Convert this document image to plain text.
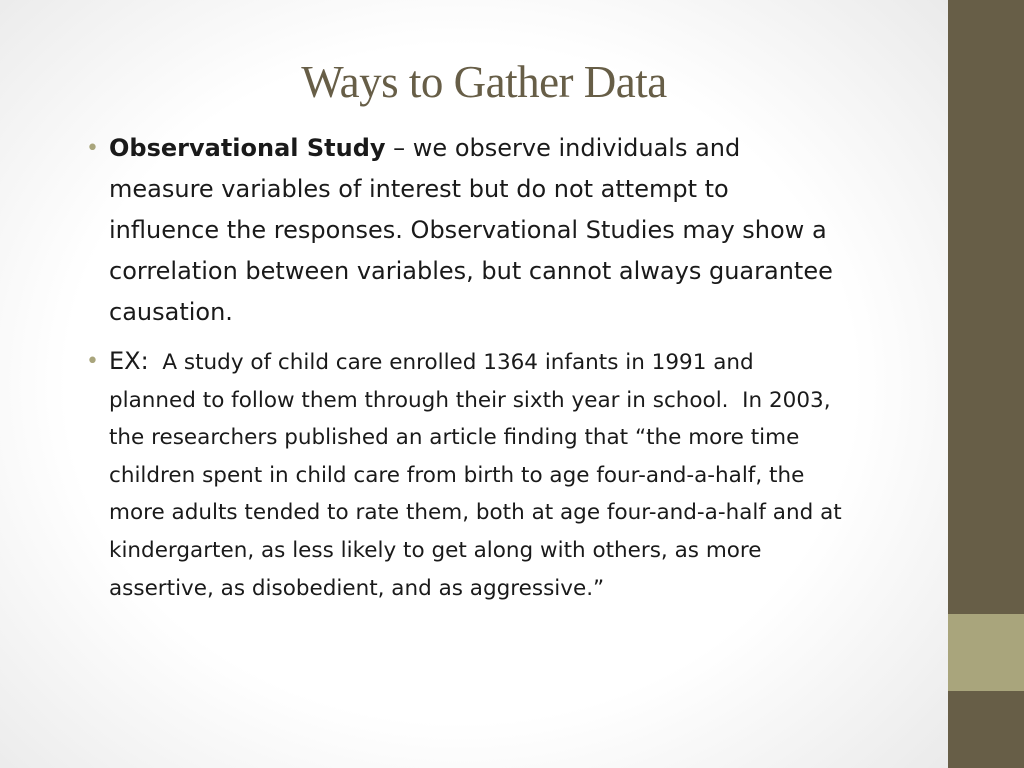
Ways to Gather Data
• Observational Study – we observe individuals and measure variables of interest but do not attempt to influence the responses. Observational Studies may show a correlation between variables, but cannot always guarantee causation.
• EX:  A study of child care enrolled 1364 infants in 1991 and planned to follow them through their sixth year in school.  In 2003, the researchers published an article finding that “the more time children spent in child care from birth to age four-and-a-half, the more adults tended to rate them, both at age four-and-a-half and at kindergarten, as less likely to get along with others, as more assertive, as disobedient, and as aggressive.”
